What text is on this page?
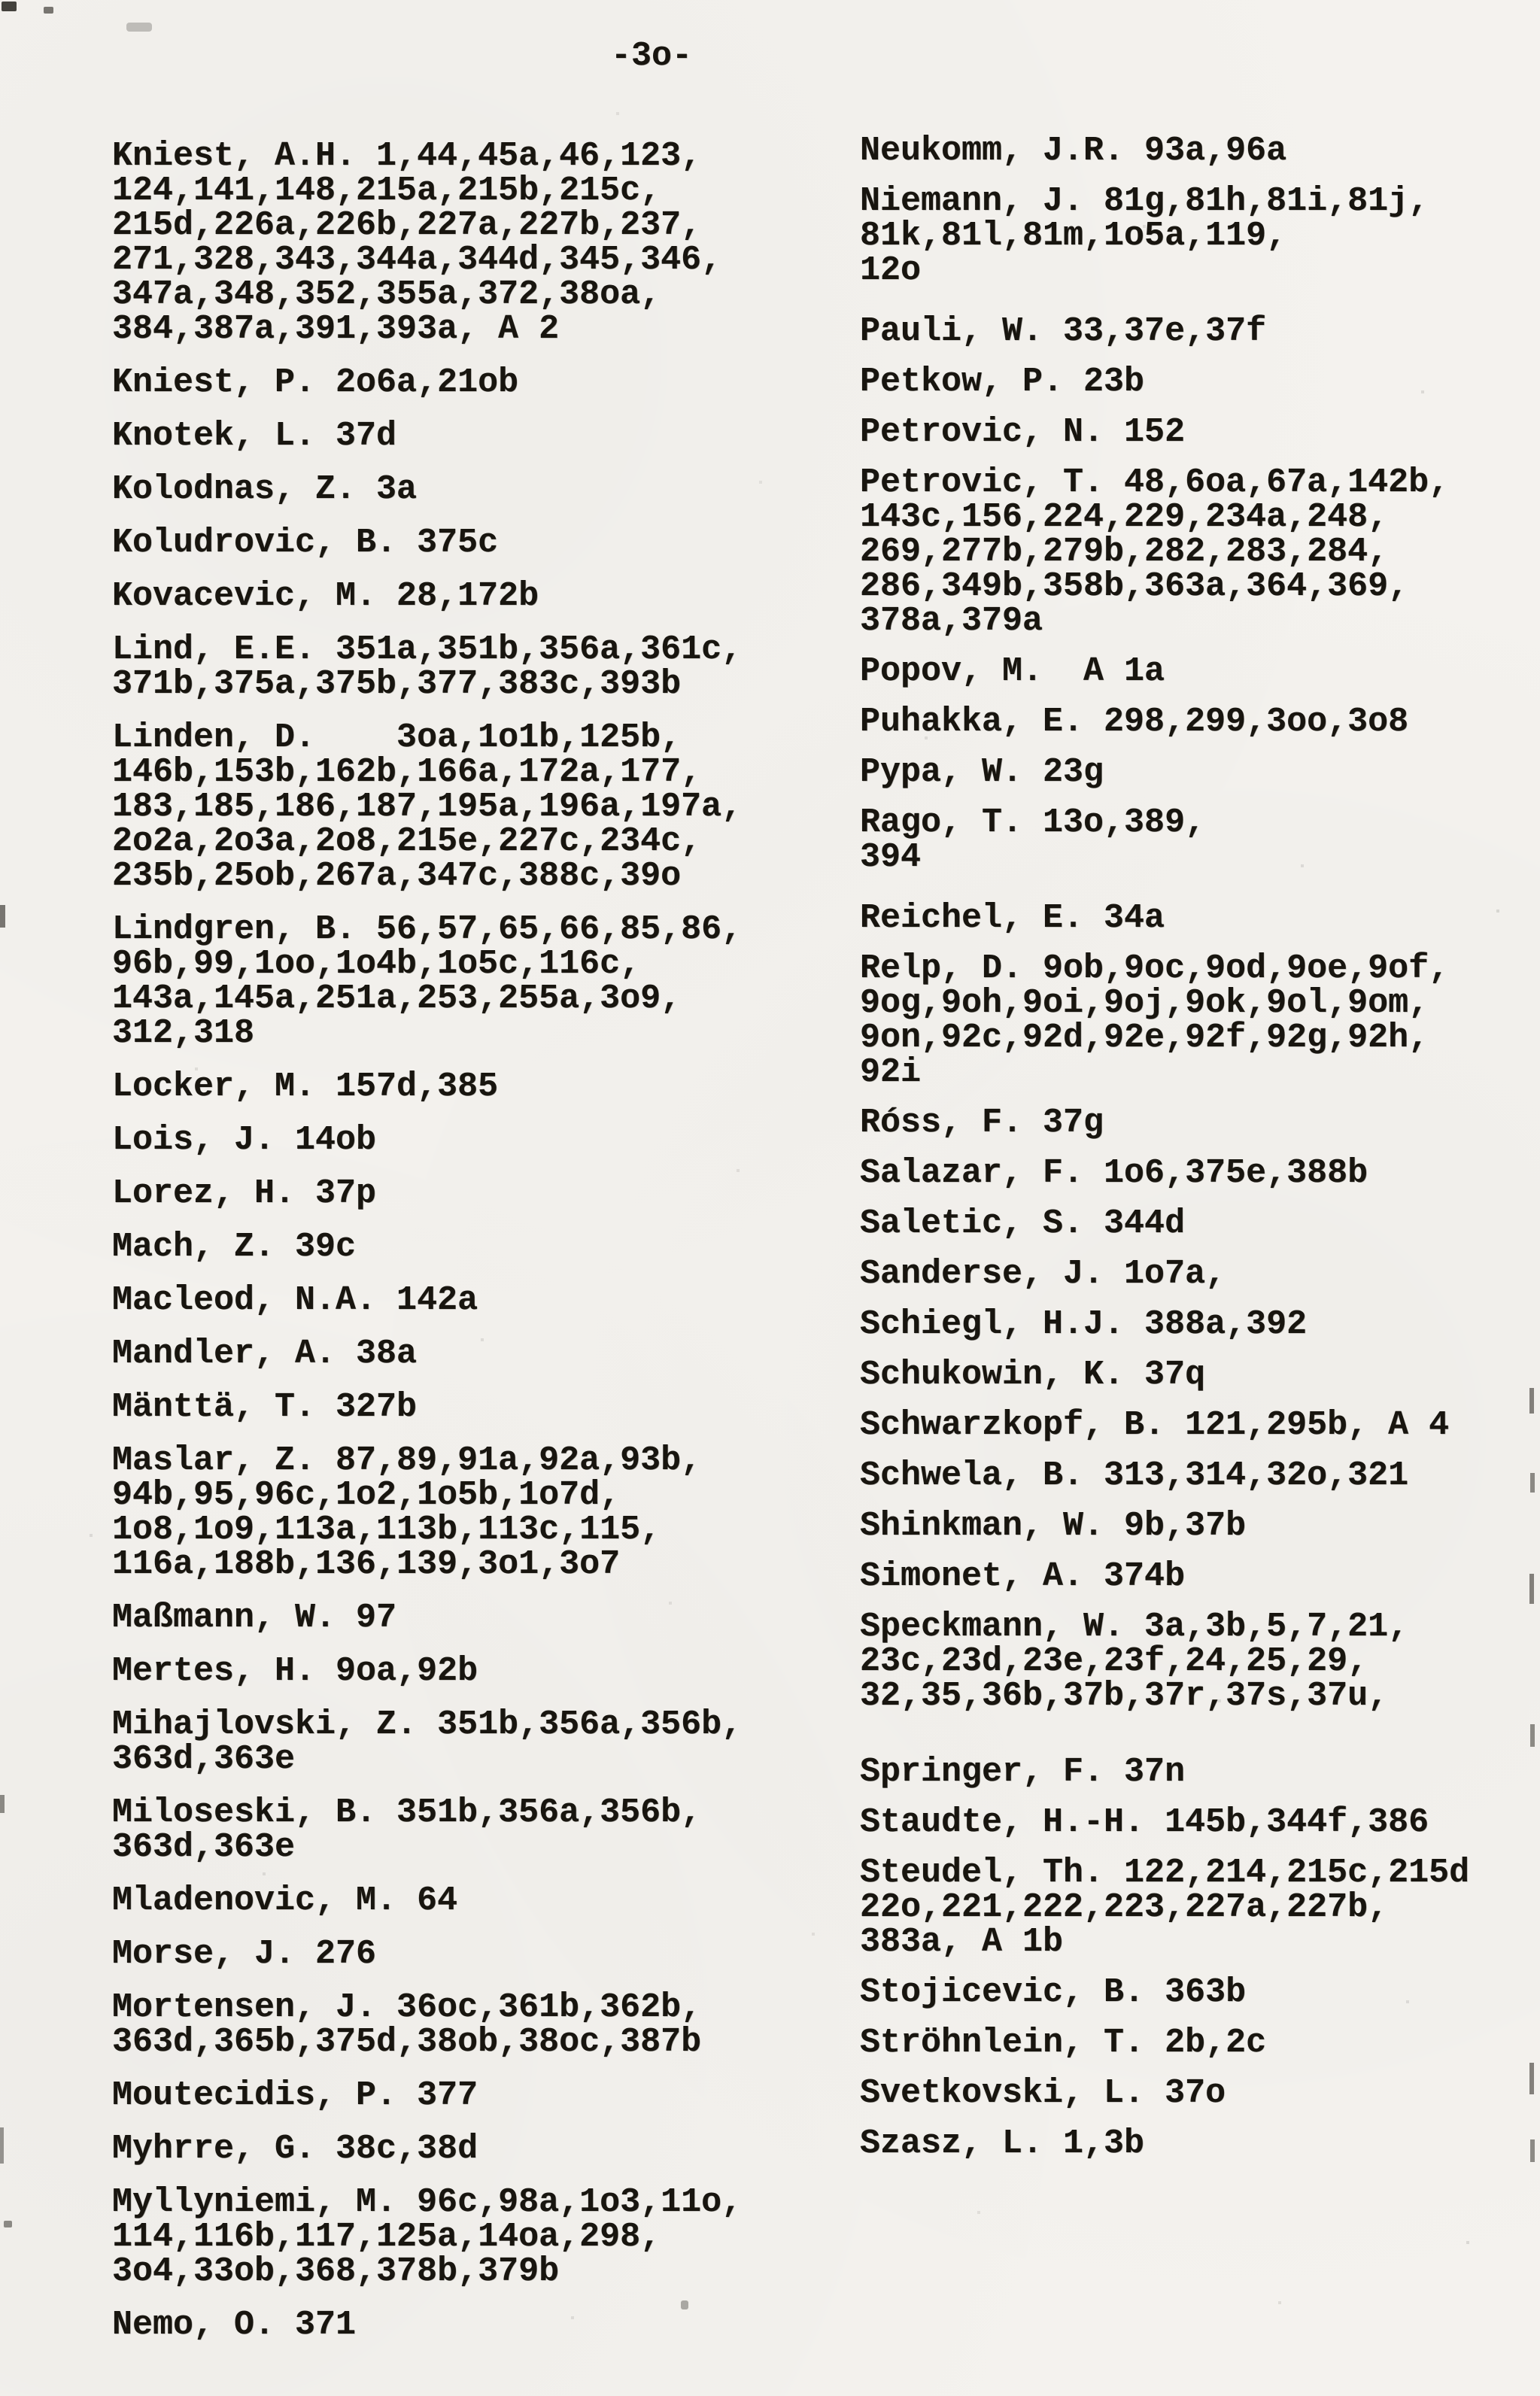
-3o-
Kniest, A.H. 1,44,45a,46,123,
124,141,148,215a,215b,215c,
215d,226a,226b,227a,227b,237,
271,328,343,344a,344d,345,346,
347a,348,352,355a,372,38oa,
384,387a,391,393a, A 2
Kniest, P. 2o6a,21ob
Knotek, L. 37d
Kolodnas, Z. 3a
Koludrovic, B. 375c
Kovacevic, M. 28,172b
Lind, E.E. 351a,351b,356a,361c,
371b,375a,375b,377,383c,393b
Linden, D.    3oa,1o1b,125b,
146b,153b,162b,166a,172a,177,
183,185,186,187,195a,196a,197a,
2o2a,2o3a,2o8,215e,227c,234c,
235b,25ob,267a,347c,388c,39o
Lindgren, B. 56,57,65,66,85,86,
96b,99,1oo,1o4b,1o5c,116c,
143a,145a,251a,253,255a,3o9,
312,318
Locker, M. 157d,385
Lois, J. 14ob
Lorez, H. 37p
Mach, Z. 39c
Macleod, N.A. 142a
Mandler, A. 38a
Mänttä, T. 327b
Maslar, Z. 87,89,91a,92a,93b,
94b,95,96c,1o2,1o5b,1o7d,
1o8,1o9,113a,113b,113c,115,
116a,188b,136,139,3o1,3o7
Maßmann, W. 97
Mertes, H. 9oa,92b
Mihajlovski, Z. 351b,356a,356b,
363d,363e
Miloseski, B. 351b,356a,356b,
363d,363e
Mladenovic, M. 64
Morse, J. 276
Mortensen, J. 36oc,361b,362b,
363d,365b,375d,38ob,38oc,387b
Moutecidis, P. 377
Myhrre, G. 38c,38d
Myllyniemi, M. 96c,98a,1o3,11o,
114,116b,117,125a,14oa,298,
3o4,33ob,368,378b,379b
Nemo, O. 371
Neukomm, J.R. 93a,96a
Niemann, J. 81g,81h,81i,81j,
81k,81l,81m,1o5a,119,
12o
Pauli, W. 33,37e,37f
Petkow, P. 23b
Petrovic, N. 152
Petrovic, T. 48,6oa,67a,142b,
143c,156,224,229,234a,248,
269,277b,279b,282,283,284,
286,349b,358b,363a,364,369,
378a,379a
Popov, M.  A 1a
Puhakka, E. 298,299,3oo,3o8
Pypa, W. 23g
Rago, T. 13o,389,
394
Reichel, E. 34a
Relp, D. 9ob,9oc,9od,9oe,9of,
9og,9oh,9oi,9oj,9ok,9ol,9om,
9on,92c,92d,92e,92f,92g,92h,
92i
Róss, F. 37g
Salazar, F. 1o6,375e,388b
Saletic, S. 344d
Sanderse, J. 1o7a,
Schiegl, H.J. 388a,392
Schukowin, K. 37q
Schwarzkopf, B. 121,295b, A 4
Schwela, B. 313,314,32o,321
Shinkman, W. 9b,37b
Simonet, A. 374b
Speckmann, W. 3a,3b,5,7,21,
23c,23d,23e,23f,24,25,29,
32,35,36b,37b,37r,37s,37u,
Springer, F. 37n
Staudte, H.-H. 145b,344f,386
Steudel, Th. 122,214,215c,215d
22o,221,222,223,227a,227b,
383a, A 1b
Stojicevic, B. 363b
Ströhnlein, T. 2b,2c
Svetkovski, L. 37o
Szasz, L. 1,3b
